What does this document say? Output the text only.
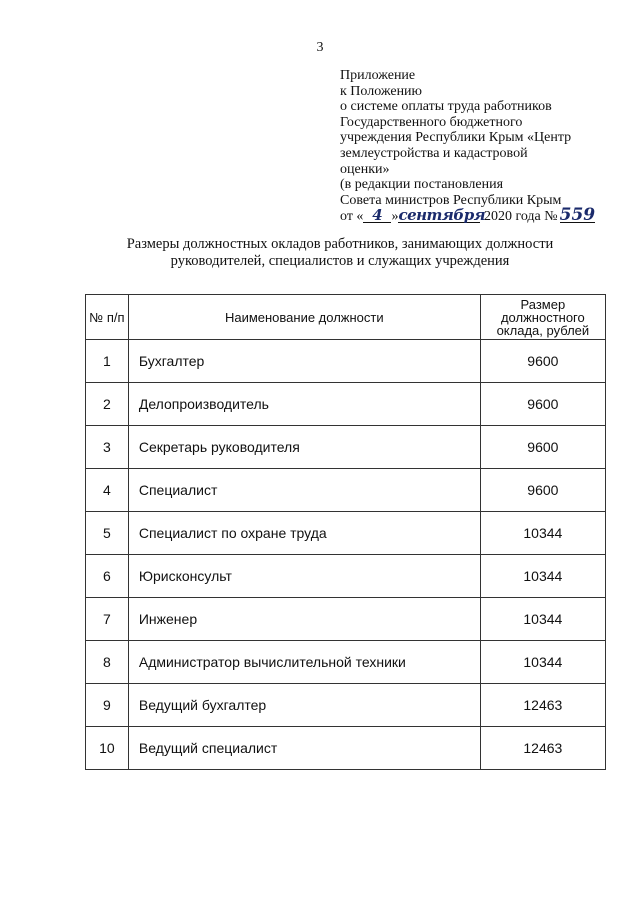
3
Приложение
к Положению
о системе оплаты труда работников
Государственного бюджетного
учреждения Республики Крым «Центр
землеустройства и кадастровой
оценки»
(в редакции постановления
Совета министров Республики Крым
от « 4 »сентября 2020 года № 559
Размеры должностных окладов работников, занимающих должности
руководителей, специалистов и служащих учреждения
№ п/п	Наименование должности	Размер должностного оклада, рублей
1	Бухгалтер	9600
2	Делопроизводитель	9600
3	Секретарь руководителя	9600
4	Специалист	9600
5	Специалист по охране труда	10344
6	Юрисконсульт	10344
7	Инженер	10344
8	Администратор вычислительной техники	10344
9	Ведущий бухгалтер	12463
10	Ведущий специалист	12463
